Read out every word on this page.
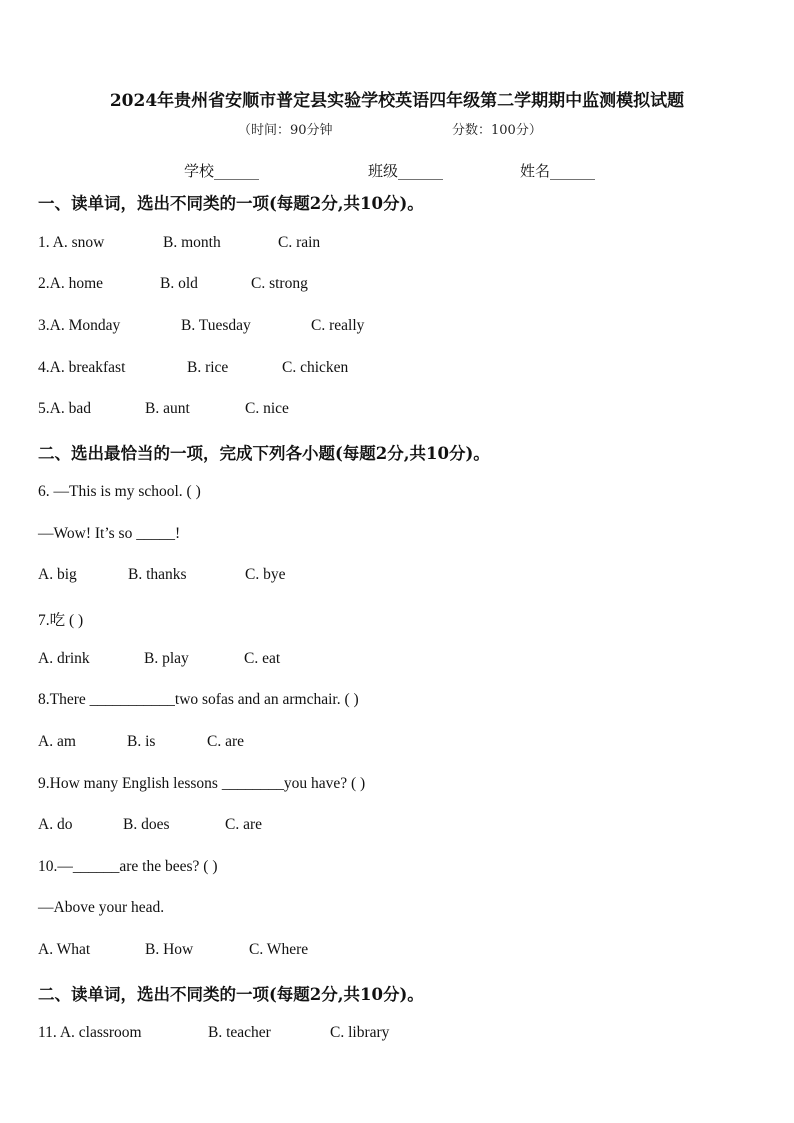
2024年贵州省安顺市普定县实验学校英语四年级第二学期期中监测模拟试题
（时间：90分钟	分数：100分）
学校______	班级______	姓名______
一、读单词，选出不同类的一项(每题2分,共10分)。
1. A. snow	B. month	C. rain
2.A. home	B. old	C. strong
3.A. Monday	B. Tuesday	C. really
4.A. breakfast	B. rice	C. chicken
5.A. bad	B. aunt	C. nice
二、选出最恰当的一项，完成下列各小题(每题2分,共10分)。
6. —This is my school. ( )
—Wow! It’s so _____!
A. big	B. thanks	C. bye
7.吃 ( )
A. drink	B. play	C. eat
8.There ___________two sofas and an armchair. ( )
A. am	B. is	C. are
9.How many English lessons ________you have? ( )
A. do	B. does	C. are
10.—______are the bees? ( )
—Above your head.
A. What	B. How	C. Where
二、读单词，选出不同类的一项(每题2分,共10分)。
11. A. classroom	B. teacher	C. library
